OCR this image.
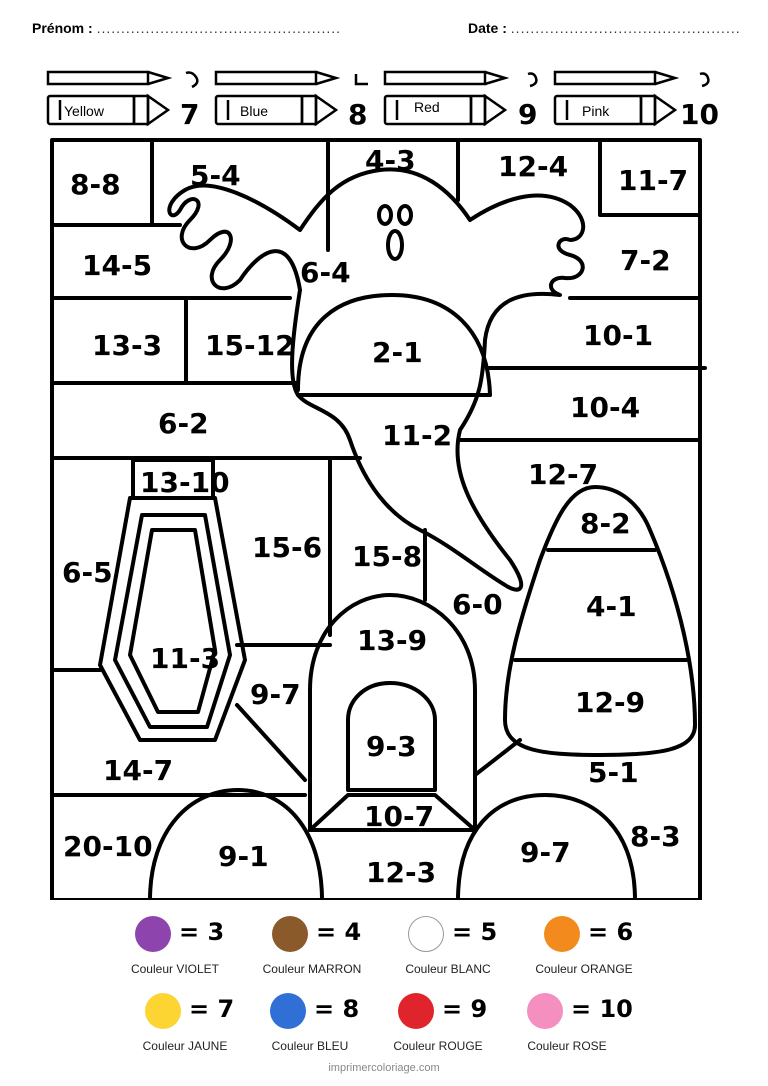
Prénom : ..................................................	Date : ...............................................
Yellow	7	Blue	8	Red	9	Pink	10
8-8 5-4	4-3	12-4 11-7
14-5	6-4	7-2
13-3 15-12	2-1
10-1
6-2	11-2
10-4
13-10	12-7
8-2
6-5
15-6 15-8
6-0	4-1
11-3
13-9
9-7	12-9
9-3
14-7	5-1
10-7
20-10 9-1	9-7 8-3
12-3
= 3
Couleur VIOLET
= 4
Couleur MARRON
= 5
Couleur BLANC
= 6
Couleur ORANGE
= 7
Couleur JAUNE
= 8
Couleur BLEU
= 9
Couleur ROUGE
= 10
Couleur ROSE
imprimercoloriage.com
